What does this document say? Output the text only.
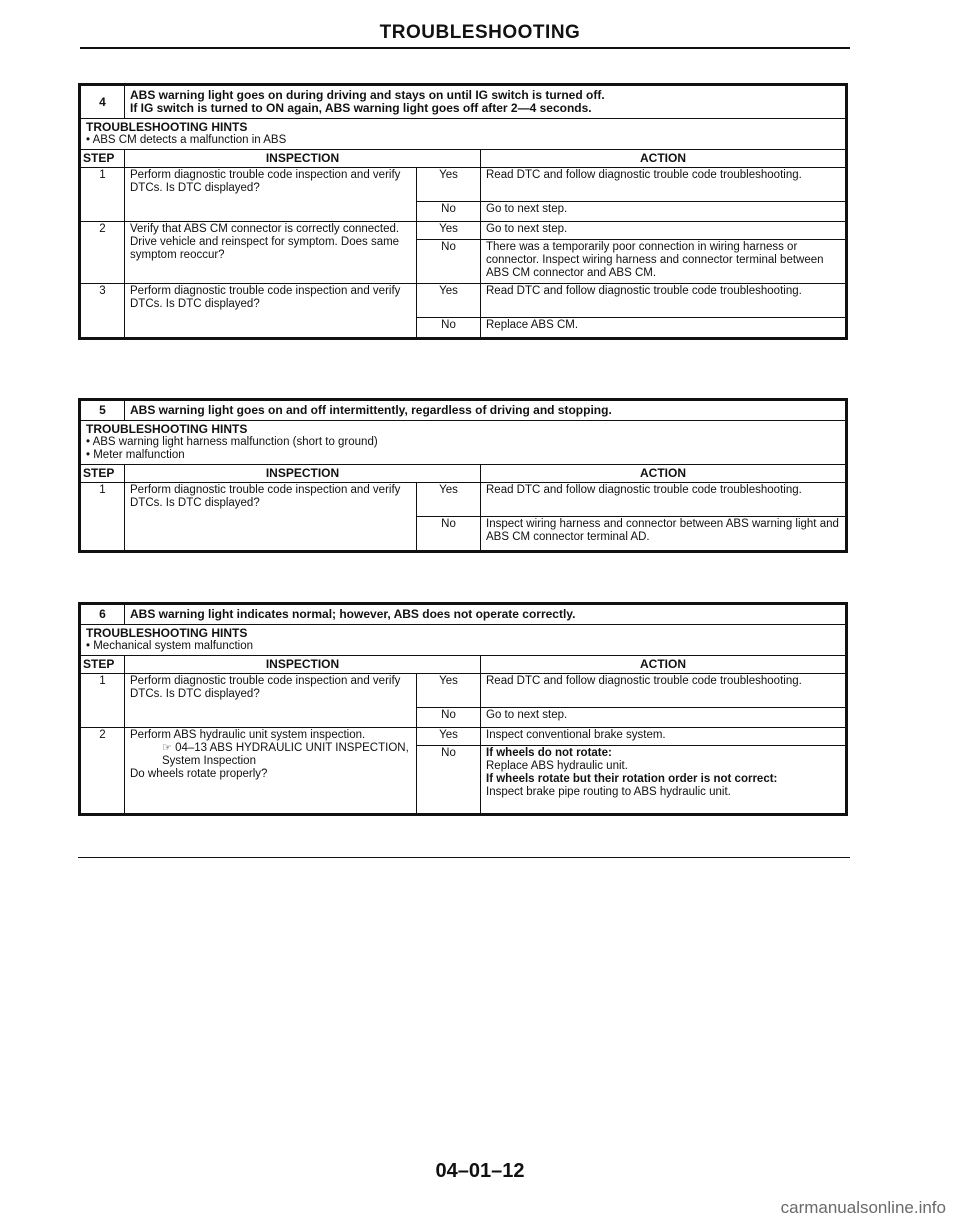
TROUBLESHOOTING
4	ABS warning light goes on during driving and stays on until IG switch is turned off.
If IG switch is turned to ON again, ABS warning light goes off after 2—4 seconds.		

TROUBLESHOOTING HINTS
• ABS CM detects a malfunction in ABS			

STEP	INSPECTION		ACTION
1	Perform diagnostic trouble code inspection and verify DTCs. Is DTC displayed?	Yes	Read DTC and follow diagnostic trouble code troubleshooting.
		No	Go to next step.
2	Verify that ABS CM connector is correctly connected. Drive vehicle and reinspect for symptom. Does same symptom reoccur?	Yes	Go to next step.
		No	There was a temporarily poor connection in wiring harness or connector. Inspect wiring harness and connector terminal between ABS CM connector and ABS CM.
3	Perform diagnostic trouble code inspection and verify DTCs. Is DTC displayed?	Yes	Read DTC and follow diagnostic trouble code troubleshooting.
		No	Replace ABS CM.
5	ABS warning light goes on and off intermittently, regardless of driving and stopping.		

TROUBLESHOOTING HINTS
• ABS warning light harness malfunction (short to ground)
• Meter malfunction			

STEP	INSPECTION		ACTION
1	Perform diagnostic trouble code inspection and verify DTCs. Is DTC displayed?	Yes	Read DTC and follow diagnostic trouble code troubleshooting.
		No	Inspect wiring harness and connector between ABS warning light and ABS CM connector terminal AD.
6	ABS warning light indicates normal; however, ABS does not operate correctly.		

TROUBLESHOOTING HINTS
• Mechanical system malfunction			

STEP	INSPECTION		ACTION
1	Perform diagnostic trouble code inspection and verify DTCs. Is DTC displayed?	Yes	Read DTC and follow diagnostic trouble code troubleshooting.
		No	Go to next step.
2	Perform ABS hydraulic unit system inspection.
☞ 04–13 ABS HYDRAULIC UNIT INSPECTION, System Inspection
Do wheels rotate properly?	Yes	Inspect conventional brake system.
		No	If wheels do not rotate:
Replace ABS hydraulic unit.
If wheels rotate but their rotation order is not correct:
Inspect brake pipe routing to ABS hydraulic unit.
04–01–12
carmanualsonline.info
